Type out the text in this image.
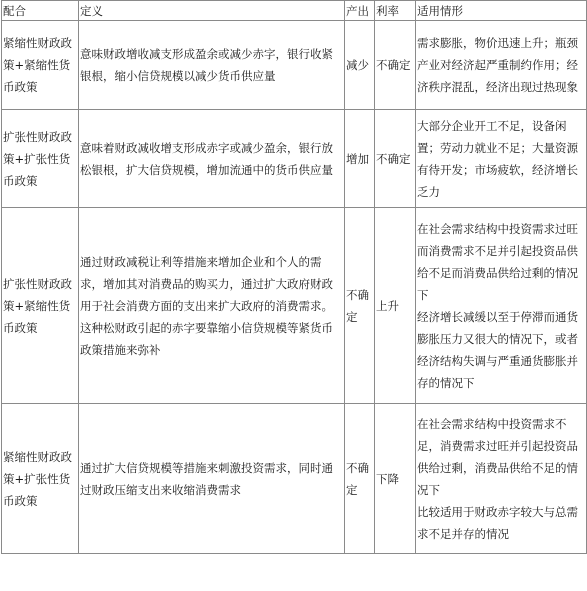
配合	定义	产出	利率	适用情形
紧缩性财政政策+紧缩性货币政策	意味财政增收减支形成盈余或减少赤字，银行收紧银根，缩小信贷规模以减少货币供应量	减少	不确定	需求膨胀，物价迅速上升；瓶颈产业对经济起严重制约作用；经济秩序混乱，经济出现过热现象

扩张性财政政策+扩张性货币政策	意味着财政减收增支形成赤字或减少盈余，银行放松银根，扩大信贷规模，增加流通中的货币供应量	增加	不确定	大部分企业开工不足，设备闲置；劳动力就业不足；大量资源有待开发；市场疲软，经济增长乏力

扩张性财政政策+紧缩性货币政策	通过财政减税让利等措施来增加企业和个人的需求，增加其对消费品的购买力，通过扩大政府财政用于社会消费方面的支出来扩大政府的消费需求。这种松财政引起的赤字要靠缩小信贷规模等紧货币政策措施来弥补	不确定	上升	在社会需求结构中投资需求过旺而消费需求不足并引起投资品供给不足而消费品供给过剩的情况下
经济增长减缓以至于停滞而通货膨胀压力又很大的情况下，或者经济结构失调与严重通货膨胀并存的情况下

紧缩性财政政策+扩张性货币政策	通过扩大信贷规模等措施来刺激投资需求，同时通过财政压缩支出来收缩消费需求	不确定	下降	在社会需求结构中投资需求不足，消费需求过旺并引起投资品供给过剩，消费品供给不足的情况下
比较适用于财政赤字较大与总需求不足并存的情况
